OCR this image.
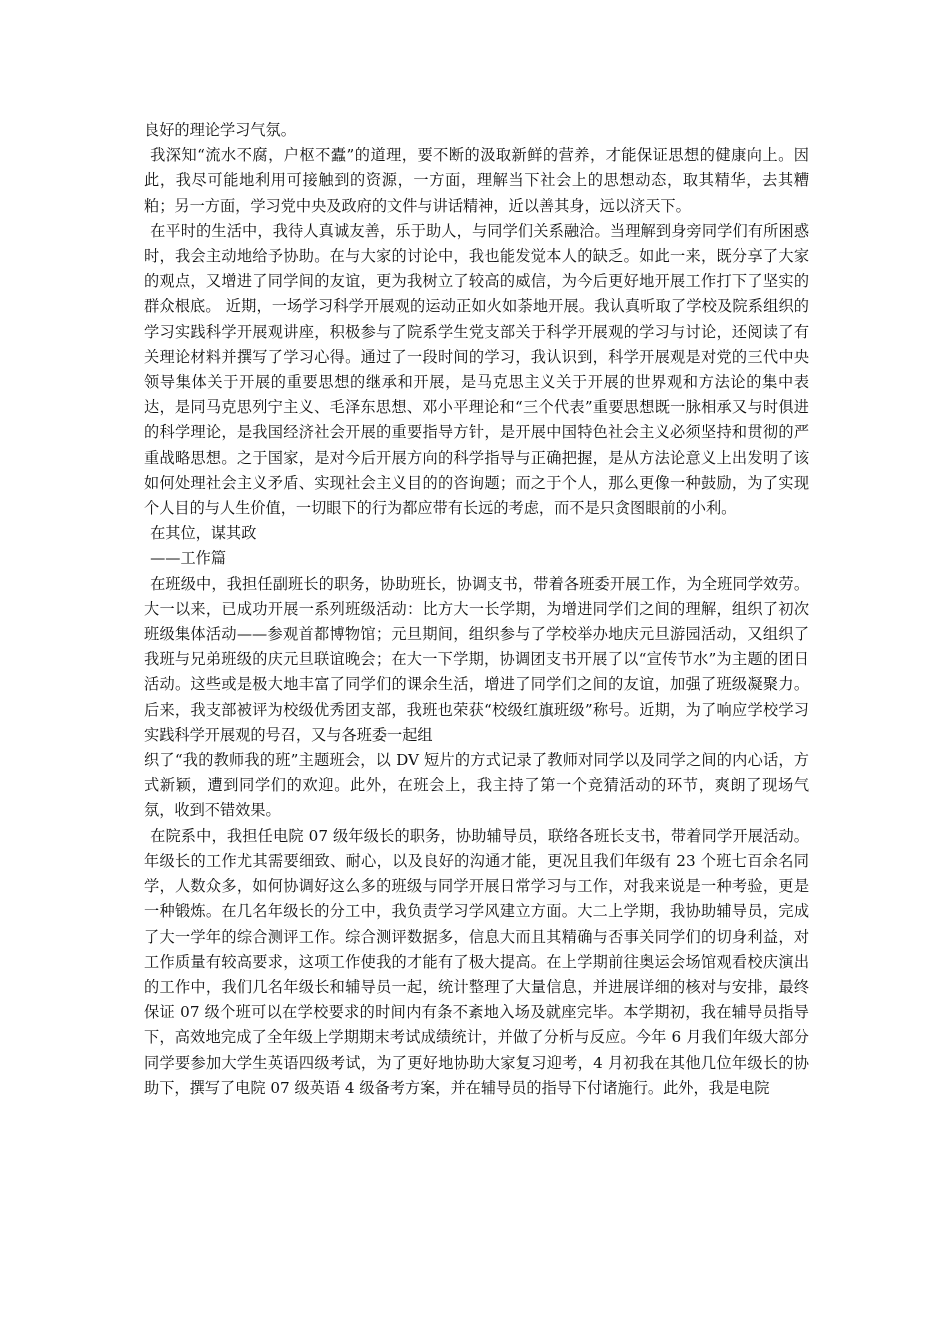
良好的理论学习气氛。

我深知“流水不腐，户枢不蠹”的道理，要不断的汲取新鲜的营养，才能保证思想的健康向上。因此，我尽可能地利用可接触到的资源，一方面，理解当下社会上的思想动态，取其精华，去其糟粕；另一方面，学习党中央及政府的文件与讲话精神，近以善其身，远以济天下。

在平时的生活中，我待人真诚友善，乐于助人，与同学们关系融洽。当理解到身旁同学们有所困惑时，我会主动地给予协助。在与大家的讨论中，我也能发觉本人的缺乏。如此一来，既分享了大家的观点，又增进了同学间的友谊，更为我树立了较高的威信，为今后更好地开展工作打下了坚实的群众根底。 近期，一场学习科学开展观的运动正如火如荼地开展。我认真听取了学校及院系组织的学习实践科学开展观讲座，积极参与了院系学生党支部关于科学开展观的学习与讨论，还阅读了有关理论材料并撰写了学习心得。通过了一段时间的学习，我认识到，科学开展观是对党的三代中央领导集体关于开展的重要思想的继承和开展，是马克思主义关于开展的世界观和方法论的集中表达，是同马克思列宁主义、毛泽东思想、邓小平理论和“三个代表”重要思想既一脉相承又与时俱进的科学理论，是我国经济社会开展的重要指导方针，是开展中国特色社会主义必须坚持和贯彻的严重战略思想。之于国家，是对今后开展方向的科学指导与正确把握，是从方法论意义上出发明了该如何处理社会主义矛盾、实现社会主义目的的咨询题；而之于个人，那么更像一种鼓励，为了实现个人目的与人生价值，一切眼下的行为都应带有长远的考虑，而不是只贪图眼前的小利。

在其位，谋其政

——工作篇

在班级中，我担任副班长的职务，协助班长，协调支书，带着各班委开展工作，为全班同学效劳。大一以来，已成功开展一系列班级活动：比方大一长学期，为增进同学们之间的理解，组织了初次班级集体活动——参观首都博物馆；元旦期间，组织参与了学校举办地庆元旦游园活动，又组织了我班与兄弟班级的庆元旦联谊晚会；在大一下学期，协调团支书开展了以“宣传节水”为主题的团日活动。这些或是极大地丰富了同学们的课余生活，增进了同学们之间的友谊，加强了班级凝聚力。后来，我支部被评为校级优秀团支部，我班也荣获“校级红旗班级”称号。近期，为了响应学校学习实践科学开展观的号召，又与各班委一起组

织了“我的教师我的班”主题班会，以 DV 短片的方式记录了教师对同学以及同学之间的内心话，方式新颖，遭到同学们的欢迎。此外，在班会上，我主持了第一个竞猜活动的环节，爽朗了现场气氛，收到不错效果。

在院系中，我担任电院 07 级年级长的职务，协助辅导员，联络各班长支书，带着同学开展活动。年级长的工作尤其需要细致、耐心，以及良好的沟通才能，更况且我们年级有 23 个班七百余名同学，人数众多，如何协调好这么多的班级与同学开展日常学习与工作，对我来说是一种考验，更是一种锻炼。在几名年级长的分工中，我负责学习学风建立方面。大二上学期，我协助辅导员，完成了大一学年的综合测评工作。综合测评数据多，信息大而且其精确与否事关同学们的切身利益，对工作质量有较高要求，这项工作使我的才能有了极大提高。在上学期前往奥运会场馆观看校庆演出的工作中，我们几名年级长和辅导员一起，统计整理了大量信息，并进展详细的核对与安排，最终保证 07 级个班可以在学校要求的时间内有条不紊地入场及就座完毕。本学期初，我在辅导员指导下，高效地完成了全年级上学期期末考试成绩统计，并做了分析与反应。今年 6 月我们年级大部分同学要参加大学生英语四级考试，为了更好地协助大家复习迎考，4 月初我在其他几位年级长的协助下，撰写了电院 07 级英语 4 级备考方案，并在辅导员的指导下付诸施行。此外，我是电院
